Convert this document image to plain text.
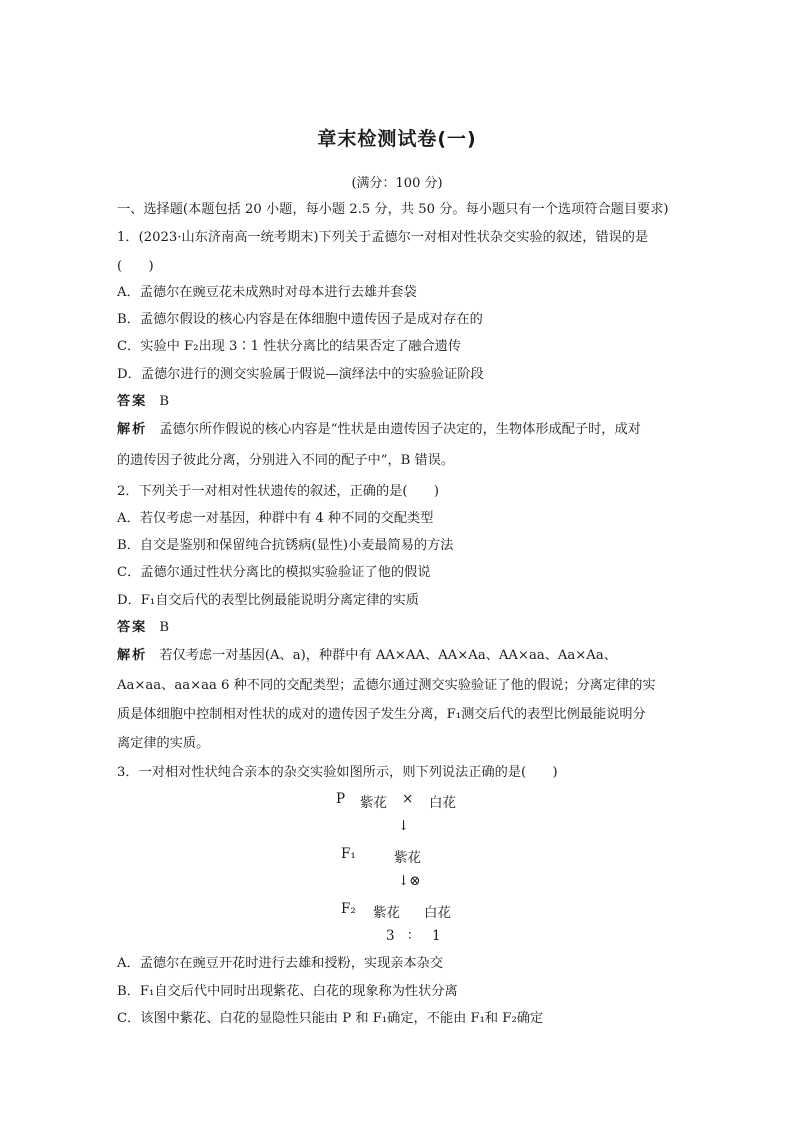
章末检测试卷(一)
(满分：100 分)
一、选择题(本题包括 20 小题，每小题 2.5 分，共 50 分。每小题只有一个选项符合题目要求)
1．(2023·山东济南高一统考期末)下列关于孟德尔一对相对性状杂交实验的叙述，错误的是
(　　)
A．孟德尔在豌豆花未成熟时对母本进行去雄并套袋
B．孟德尔假设的核心内容是在体细胞中遗传因子是成对存在的
C．实验中 F₂出现 3∶1 性状分离比的结果否定了融合遗传
D．孟德尔进行的测交实验属于假说—演绎法中的实验验证阶段
答案 B
解析 孟德尔所作假说的核心内容是“性状是由遗传因子决定的，生物体形成配子时，成对
的遗传因子彼此分离，分别进入不同的配子中”，B 错误。
2．下列关于一对相对性状遗传的叙述，正确的是(　　)
A．若仅考虑一对基因，种群中有 4 种不同的交配类型
B．自交是鉴别和保留纯合抗锈病(显性)小麦最简易的方法
C．孟德尔通过性状分离比的模拟实验验证了他的假说
D．F₁自交后代的表型比例最能说明分离定律的实质
答案 B
解析 若仅考虑一对基因(A、a)，种群中有 AA×AA、AA×Aa、AA×aa、Aa×Aa、
Aa×aa、aa×aa 6 种不同的交配类型；孟德尔通过测交实验验证了他的假说；分离定律的实
质是体细胞中控制相对性状的成对的遗传因子发生分离，F₁测交后代的表型比例最能说明分
离定律的实质。
3．一对相对性状纯合亲本的杂交实验如图所示，则下列说法正确的是(　　)
P 紫花 × 白花
↓
F₁	紫花
↓⊗
F₂ 紫花 白花
3 ∶ 1
A．孟德尔在豌豆开花时进行去雄和授粉，实现亲本杂交
B．F₁自交后代中同时出现紫花、白花的现象称为性状分离
C．该图中紫花、白花的显隐性只能由 P 和 F₁确定，不能由 F₁和 F₂确定
